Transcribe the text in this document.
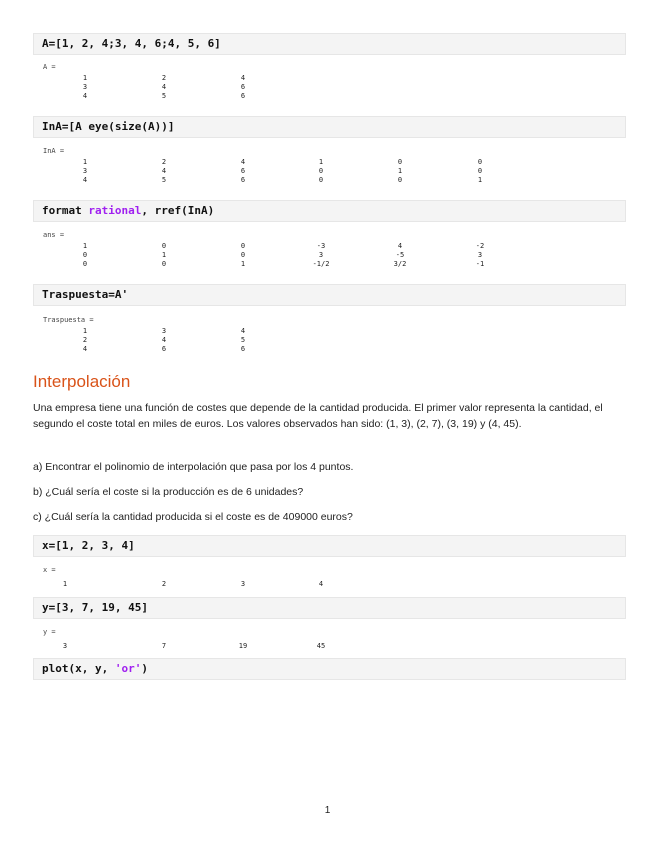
A=[1, 2, 4;3, 4, 6;4, 5, 6]
A =
1	2	4
3	4	6
4	5	6
InA=[A eye(size(A))]
InA =
1	2	4	1	0	0
3	4	6	0	1	0
4	5	6	0	0	1
format rational, rref(InA)
ans =
1	0	0	-3	4	-2
0	1	0	3	-5	3
0	0	1	-1/2	3/2	-1
Traspuesta=A'
Traspuesta =
1	3	4
2	4	5
4	6	6
Interpolación
Una empresa tiene una función de costes que depende de la cantidad producida. El primer valor representa la cantidad, el segundo el coste total en miles de euros. Los valores observados han sido: (1, 3), (2, 7), (3, 19) y (4, 45).
a) Encontrar el polinomio de interpolación que pasa por los 4 puntos.
b) ¿Cuál sería el coste si la producción es de 6 unidades?
c) ¿Cuál sería la cantidad producida si el coste es de 409000 euros?
x=[1, 2, 3, 4]
x =
1	2	3	4
y=[3, 7, 19, 45]
y =
3	7	19	45
plot(x, y, 'or')
1
